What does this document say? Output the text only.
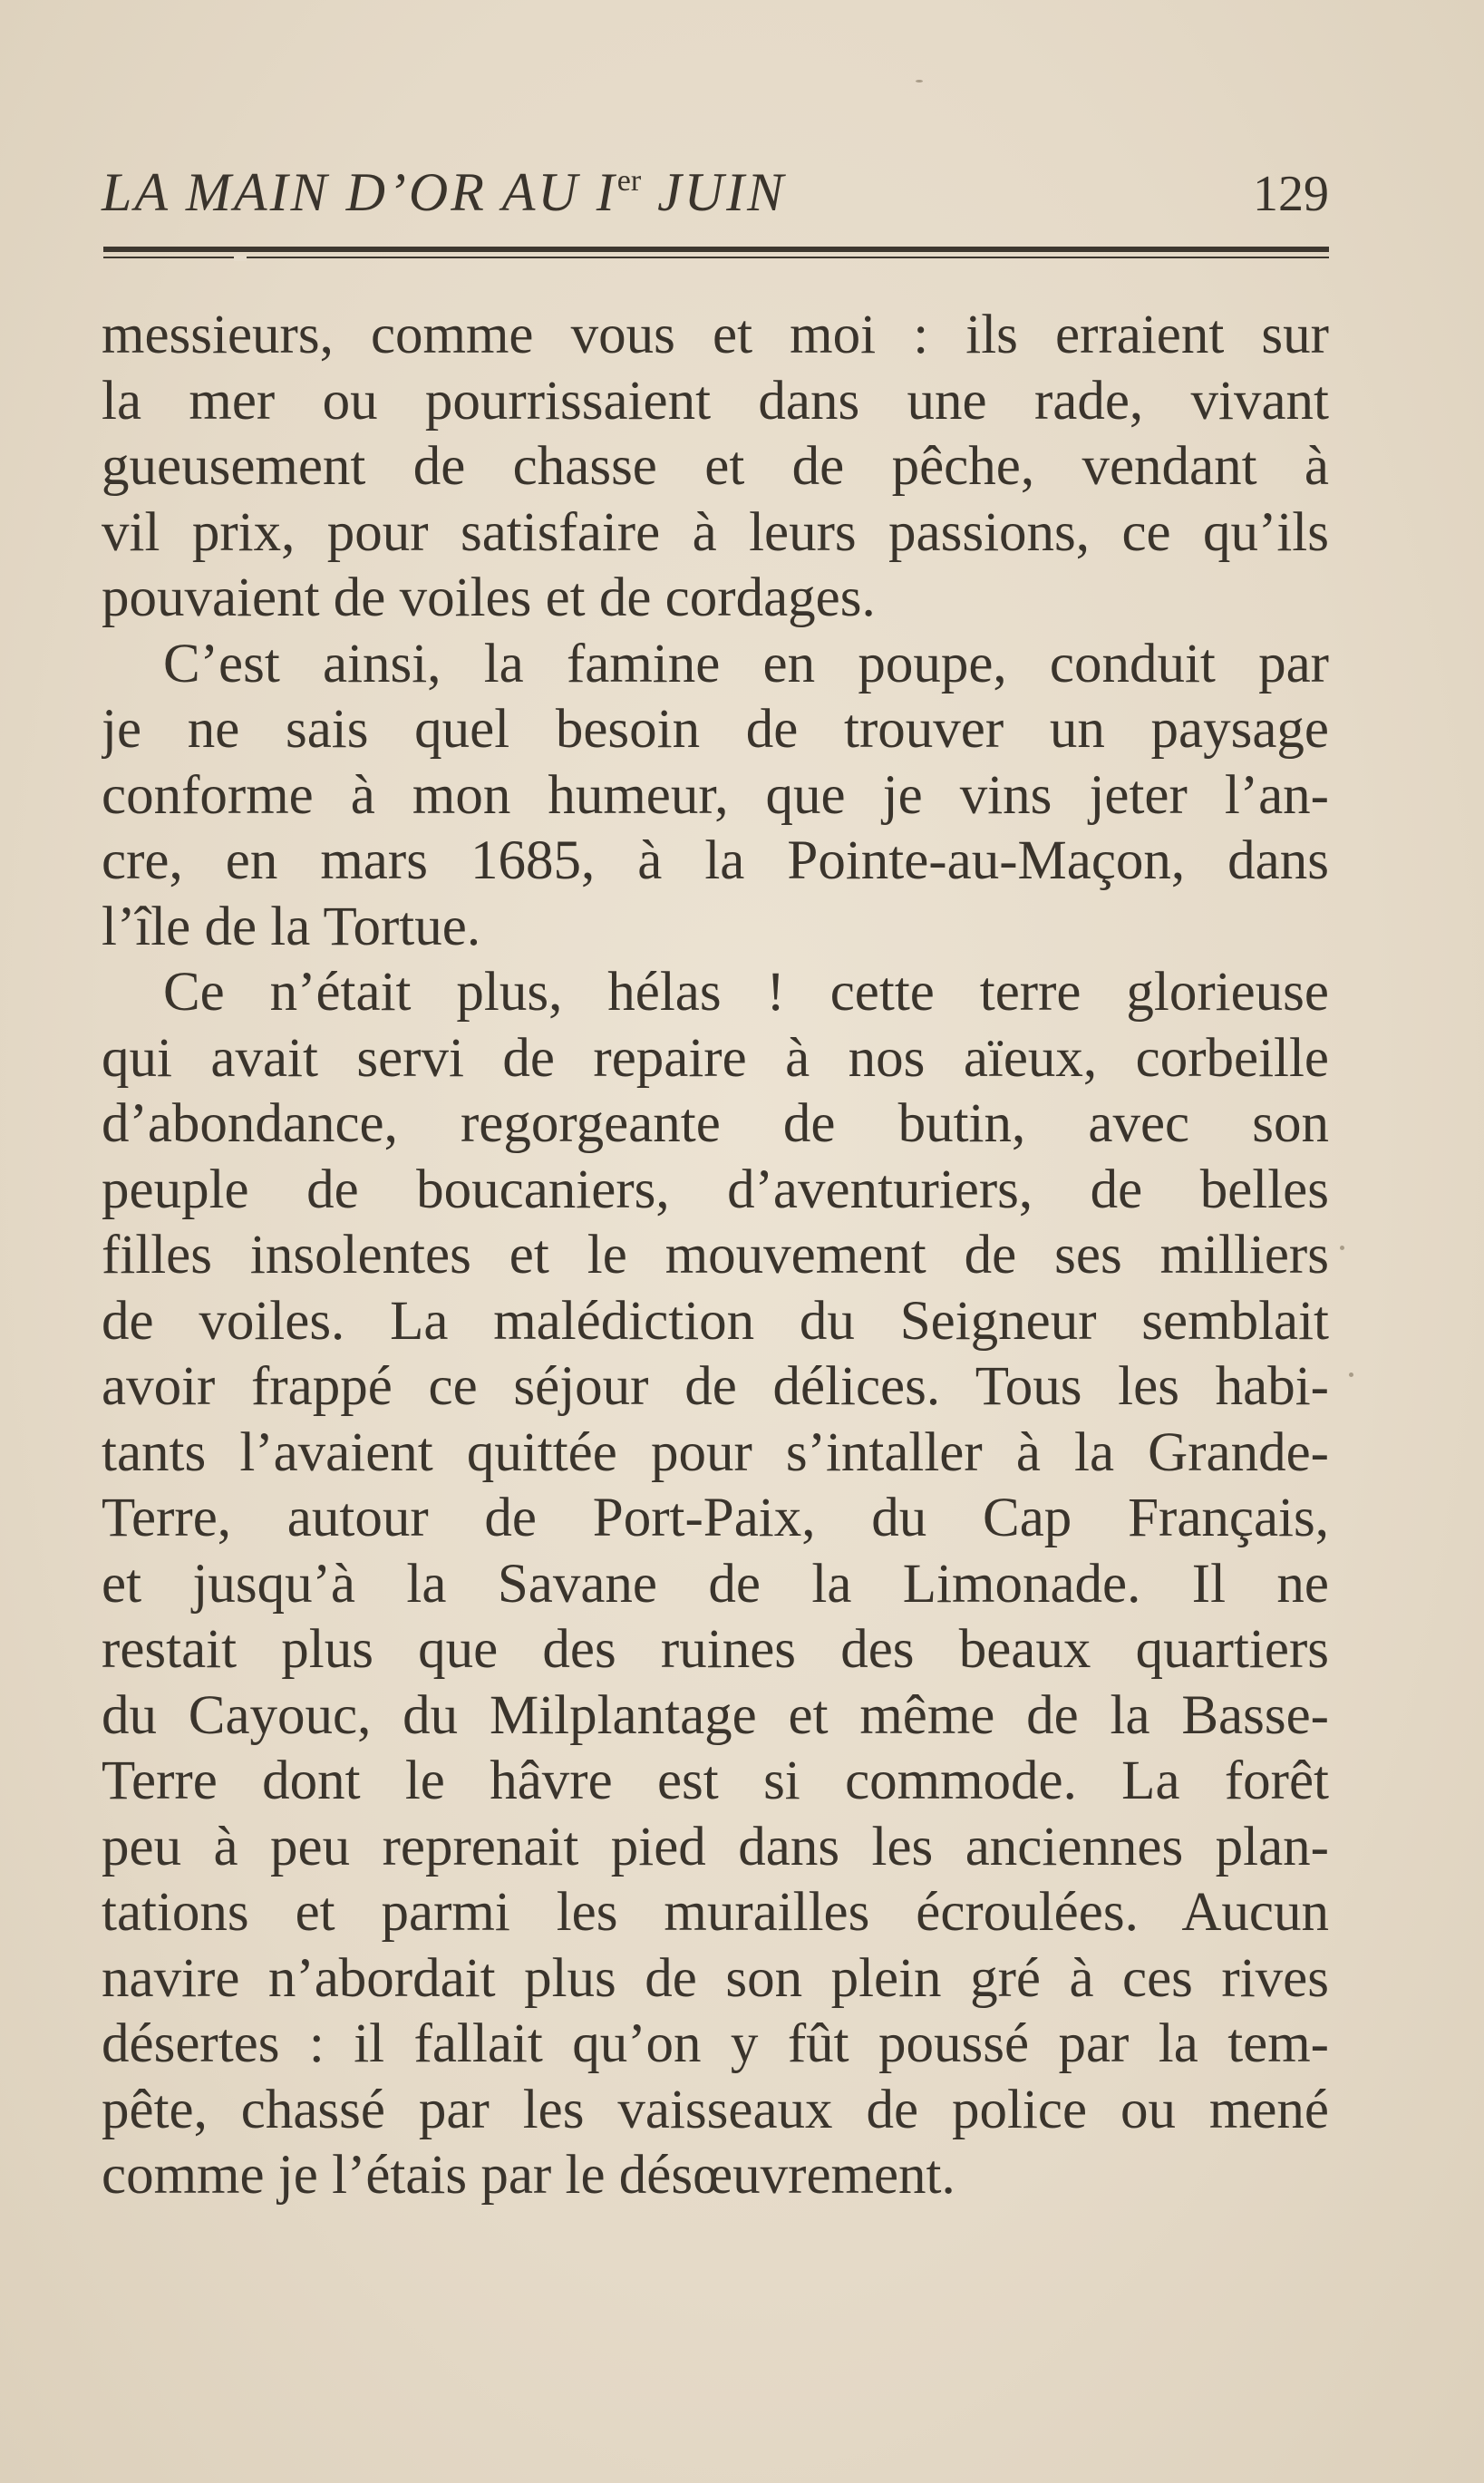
LA MAIN D’OR AU Ier JUIN	129
messieurs, comme vous et moi : ils erraient sur
la mer ou pourrissaient dans une rade, vivant
gueusement de chasse et de pêche, vendant à
vil prix, pour satisfaire à leurs passions, ce qu’ils
pouvaient de voiles et de cordages.
C’est ainsi, la famine en poupe, conduit par
je ne sais quel besoin de trouver un paysage
conforme à mon humeur, que je vins jeter l’an-
cre, en mars 1685, à la Pointe-au-Maçon, dans
l’île de la Tortue.
Ce n’était plus, hélas ! cette terre glorieuse
qui avait servi de repaire à nos aïeux, corbeille
d’abondance, regorgeante de butin, avec son
peuple de boucaniers, d’aventuriers, de belles
filles insolentes et le mouvement de ses milliers
de voiles. La malédiction du Seigneur semblait
avoir frappé ce séjour de délices. Tous les habi-
tants l’avaient quittée pour s’intaller à la Grande-
Terre, autour de Port-Paix, du Cap Français,
et jusqu’à la Savane de la Limonade. Il ne
restait plus que des ruines des beaux quartiers
du Cayouc, du Milplantage et même de la Basse-
Terre dont le hâvre est si commode. La forêt
peu à peu reprenait pied dans les anciennes plan-
tations et parmi les murailles écroulées. Aucun
navire n’abordait plus de son plein gré à ces rives
désertes : il fallait qu’on y fût poussé par la tem-
pête, chassé par les vaisseaux de police ou mené
comme je l’étais par le désœuvrement.
